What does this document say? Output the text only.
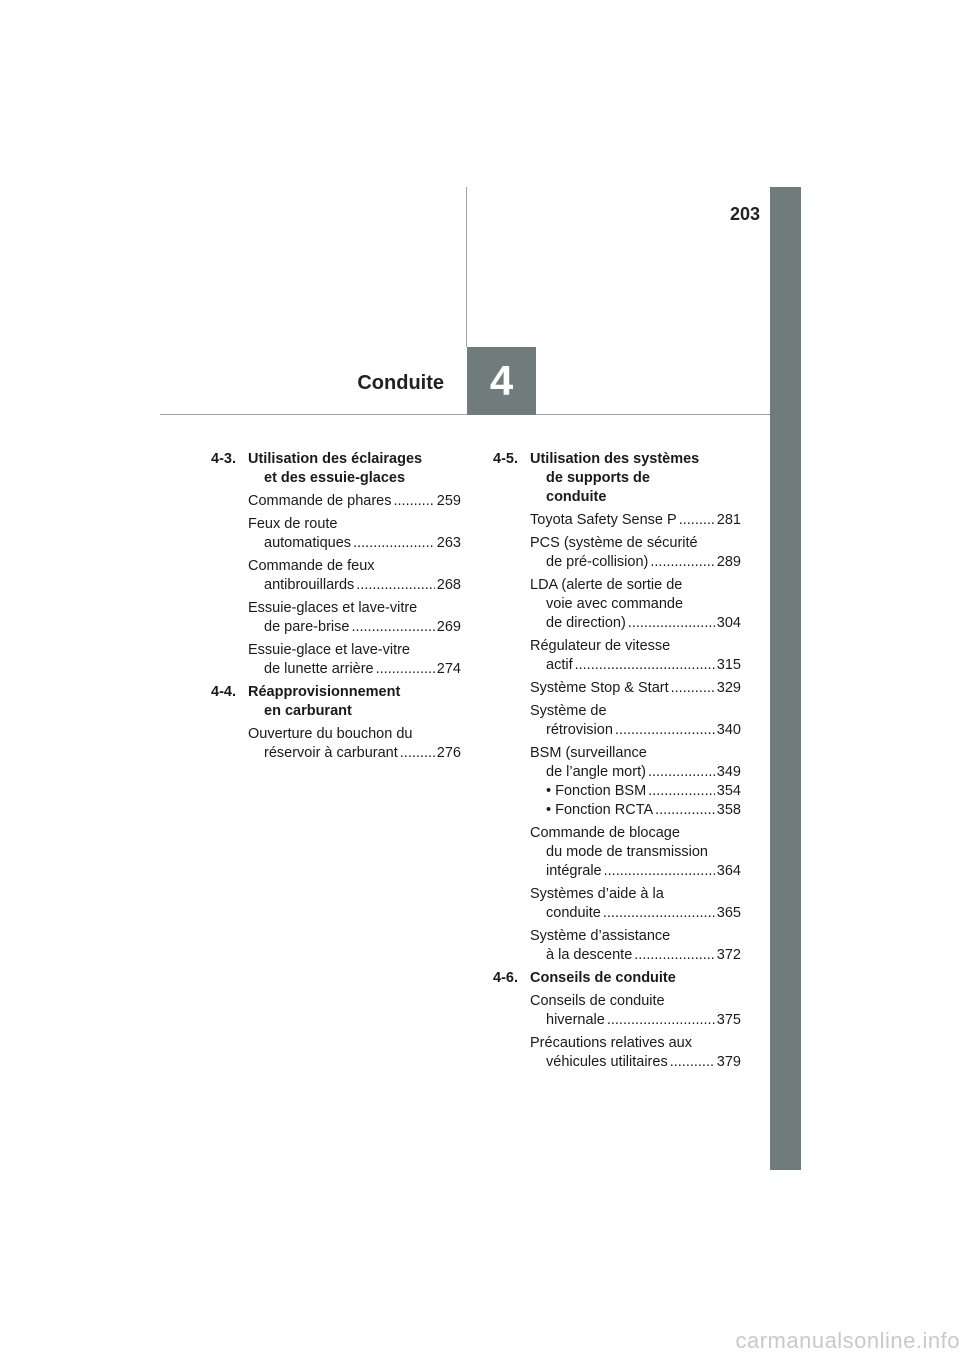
203
4
Conduite
4-3. Utilisation des éclairages
et des essuie-glaces
Commande de phares .....	259
Feux de route
automatiques .....	263
Commande de feux
antibrouillards .....	268
Essuie-glaces et lave-vitre
de pare-brise .....	269
Essuie-glace et lave-vitre
de lunette arrière .....	274
4-4. Réapprovisionnement
en carburant
Ouverture du bouchon du
réservoir à carburant .....	276
4-5. Utilisation des systèmes
de supports de
conduite
Toyota Safety Sense P .....	281
PCS (système de sécurité
de pré-collision) .....	289
LDA (alerte de sortie de
voie avec commande
de direction) .....	304
Régulateur de vitesse
actif .....	315
Système Stop & Start .....	329
Système de
rétrovision .....	340
BSM (surveillance
de l’angle mort) .....	349
• Fonction BSM .....	354
• Fonction RCTA .....	358
Commande de blocage
du mode de transmission
intégrale .....	364
Systèmes d’aide à la
conduite .....	365
Système d’assistance
à la descente .....	372
4-6. Conseils de conduite
Conseils de conduite
hivernale .....	375
Précautions relatives aux
véhicules utilitaires .....	379
carmanualsonline.info
